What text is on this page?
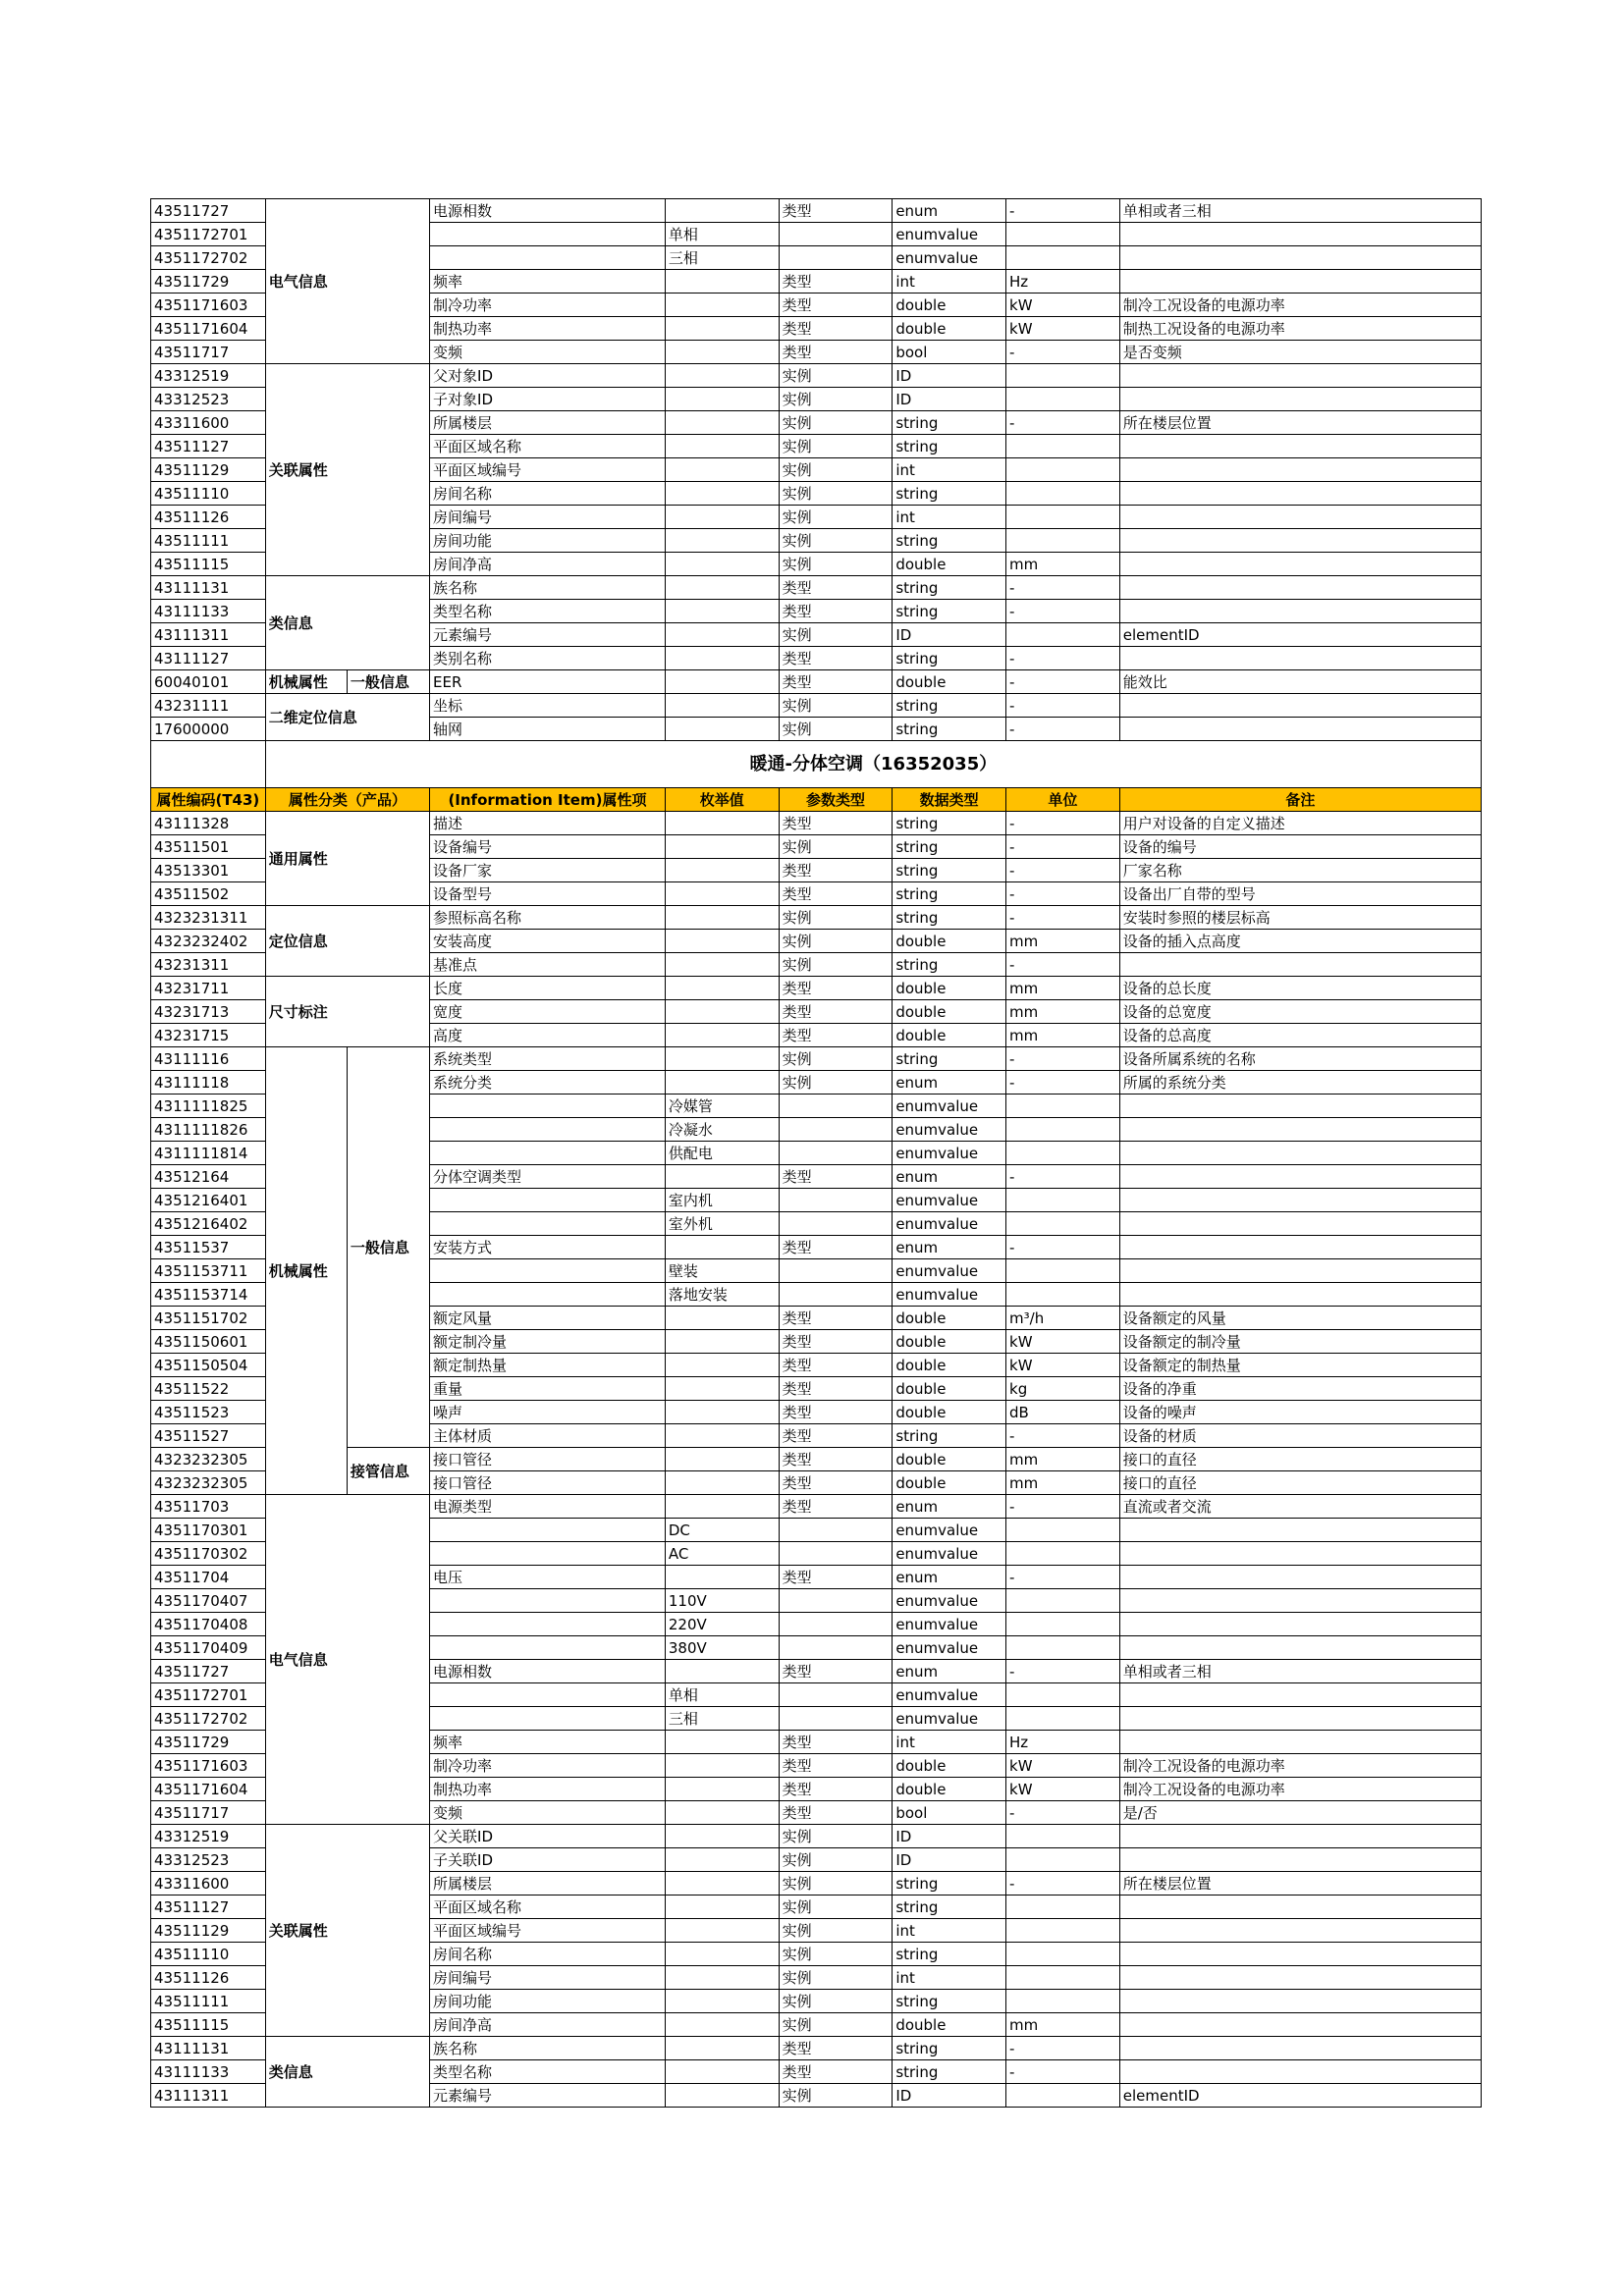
43511727	电气信息		电源相数		类型	enum	-	单相或者三相
4351172701				单相		enumvalue		
4351172702				三相		enumvalue		
43511729			频率		类型	int	Hz	
4351171603			制冷功率		类型	double	kW	制冷工况设备的电源功率
4351171604			制热功率		类型	double	kW	制热工况设备的电源功率
43511717			变频		类型	bool	-	是否变频
43312519	关联属性		父对象ID		实例	ID		
43312523			子对象ID		实例	ID		
43311600			所属楼层		实例	string	-	所在楼层位置
43511127			平面区域名称		实例	string		
43511129			平面区域编号		实例	int		
43511110			房间名称		实例	string		
43511126			房间编号		实例	int		
43511111			房间功能		实例	string		
43511115			房间净高		实例	double	mm	
43111131	类信息		族名称		类型	string	-	
43111133			类型名称		类型	string	-	
43111311			元素编号		实例	ID		elementID
43111127			类别名称		类型	string	-	
60040101	机械属性	一般信息	EER		类型	double	-	能效比
43231111	二维定位信息		坐标		实例	string	-	
17600000			轴网		实例	string	-	
	暖通-分体空调（16352035）							
属性编码(T43)	属性分类（产品）		(Information Item)属性项	枚举值	参数类型	数据类型	单位	备注
43111328	通用属性		描述		类型	string	-	用户对设备的自定义描述
43511501			设备编号		实例	string	-	设备的编号
43513301			设备厂家		类型	string	-	厂家名称
43511502			设备型号		类型	string	-	设备出厂自带的型号
4323231311	定位信息		参照标高名称		实例	string	-	安装时参照的楼层标高
4323232402			安装高度		实例	double	mm	设备的插入点高度
43231311			基准点		实例	string	-	
43231711	尺寸标注		长度		类型	double	mm	设备的总长度
43231713			宽度		类型	double	mm	设备的总宽度
43231715			高度		类型	double	mm	设备的总高度
43111116	机械属性	一般信息	系统类型		实例	string	-	设备所属系统的名称
43111118			系统分类		实例	enum	-	所属的系统分类
4311111825				冷媒管		enumvalue		
4311111826				冷凝水		enumvalue		
4311111814				供配电		enumvalue		
43512164			分体空调类型		类型	enum	-	
4351216401				室内机		enumvalue		
4351216402				室外机		enumvalue		
43511537			安装方式		类型	enum	-	
4351153711				壁装		enumvalue		
4351153714				落地安装		enumvalue		
4351151702			额定风量		类型	double	m³/h	设备额定的风量
4351150601			额定制冷量		类型	double	kW	设备额定的制冷量
4351150504			额定制热量		类型	double	kW	设备额定的制热量
43511522			重量		类型	double	kg	设备的净重
43511523			噪声		类型	double	dB	设备的噪声
43511527			主体材质		类型	string	-	设备的材质
4323232305		接管信息	接口管径		类型	double	mm	接口的直径
4323232305			接口管径		类型	double	mm	接口的直径
43511703	电气信息		电源类型		类型	enum	-	直流或者交流
4351170301				DC		enumvalue		
4351170302				AC		enumvalue		
43511704			电压		类型	enum	-	
4351170407				110V		enumvalue		
4351170408				220V		enumvalue		
4351170409				380V		enumvalue		
43511727			电源相数		类型	enum	-	单相或者三相
4351172701				单相		enumvalue		
4351172702				三相		enumvalue		
43511729			频率		类型	int	Hz	
4351171603			制冷功率		类型	double	kW	制冷工况设备的电源功率
4351171604			制热功率		类型	double	kW	制冷工况设备的电源功率
43511717			变频		类型	bool	-	是/否
43312519	关联属性		父关联ID		实例	ID		
43312523			子关联ID		实例	ID		
43311600			所属楼层		实例	string	-	所在楼层位置
43511127			平面区域名称		实例	string		
43511129			平面区域编号		实例	int		
43511110			房间名称		实例	string		
43511126			房间编号		实例	int		
43511111			房间功能		实例	string		
43511115			房间净高		实例	double	mm	
43111131	类信息		族名称		类型	string	-	
43111133			类型名称		类型	string	-	
43111311			元素编号		实例	ID		elementID
